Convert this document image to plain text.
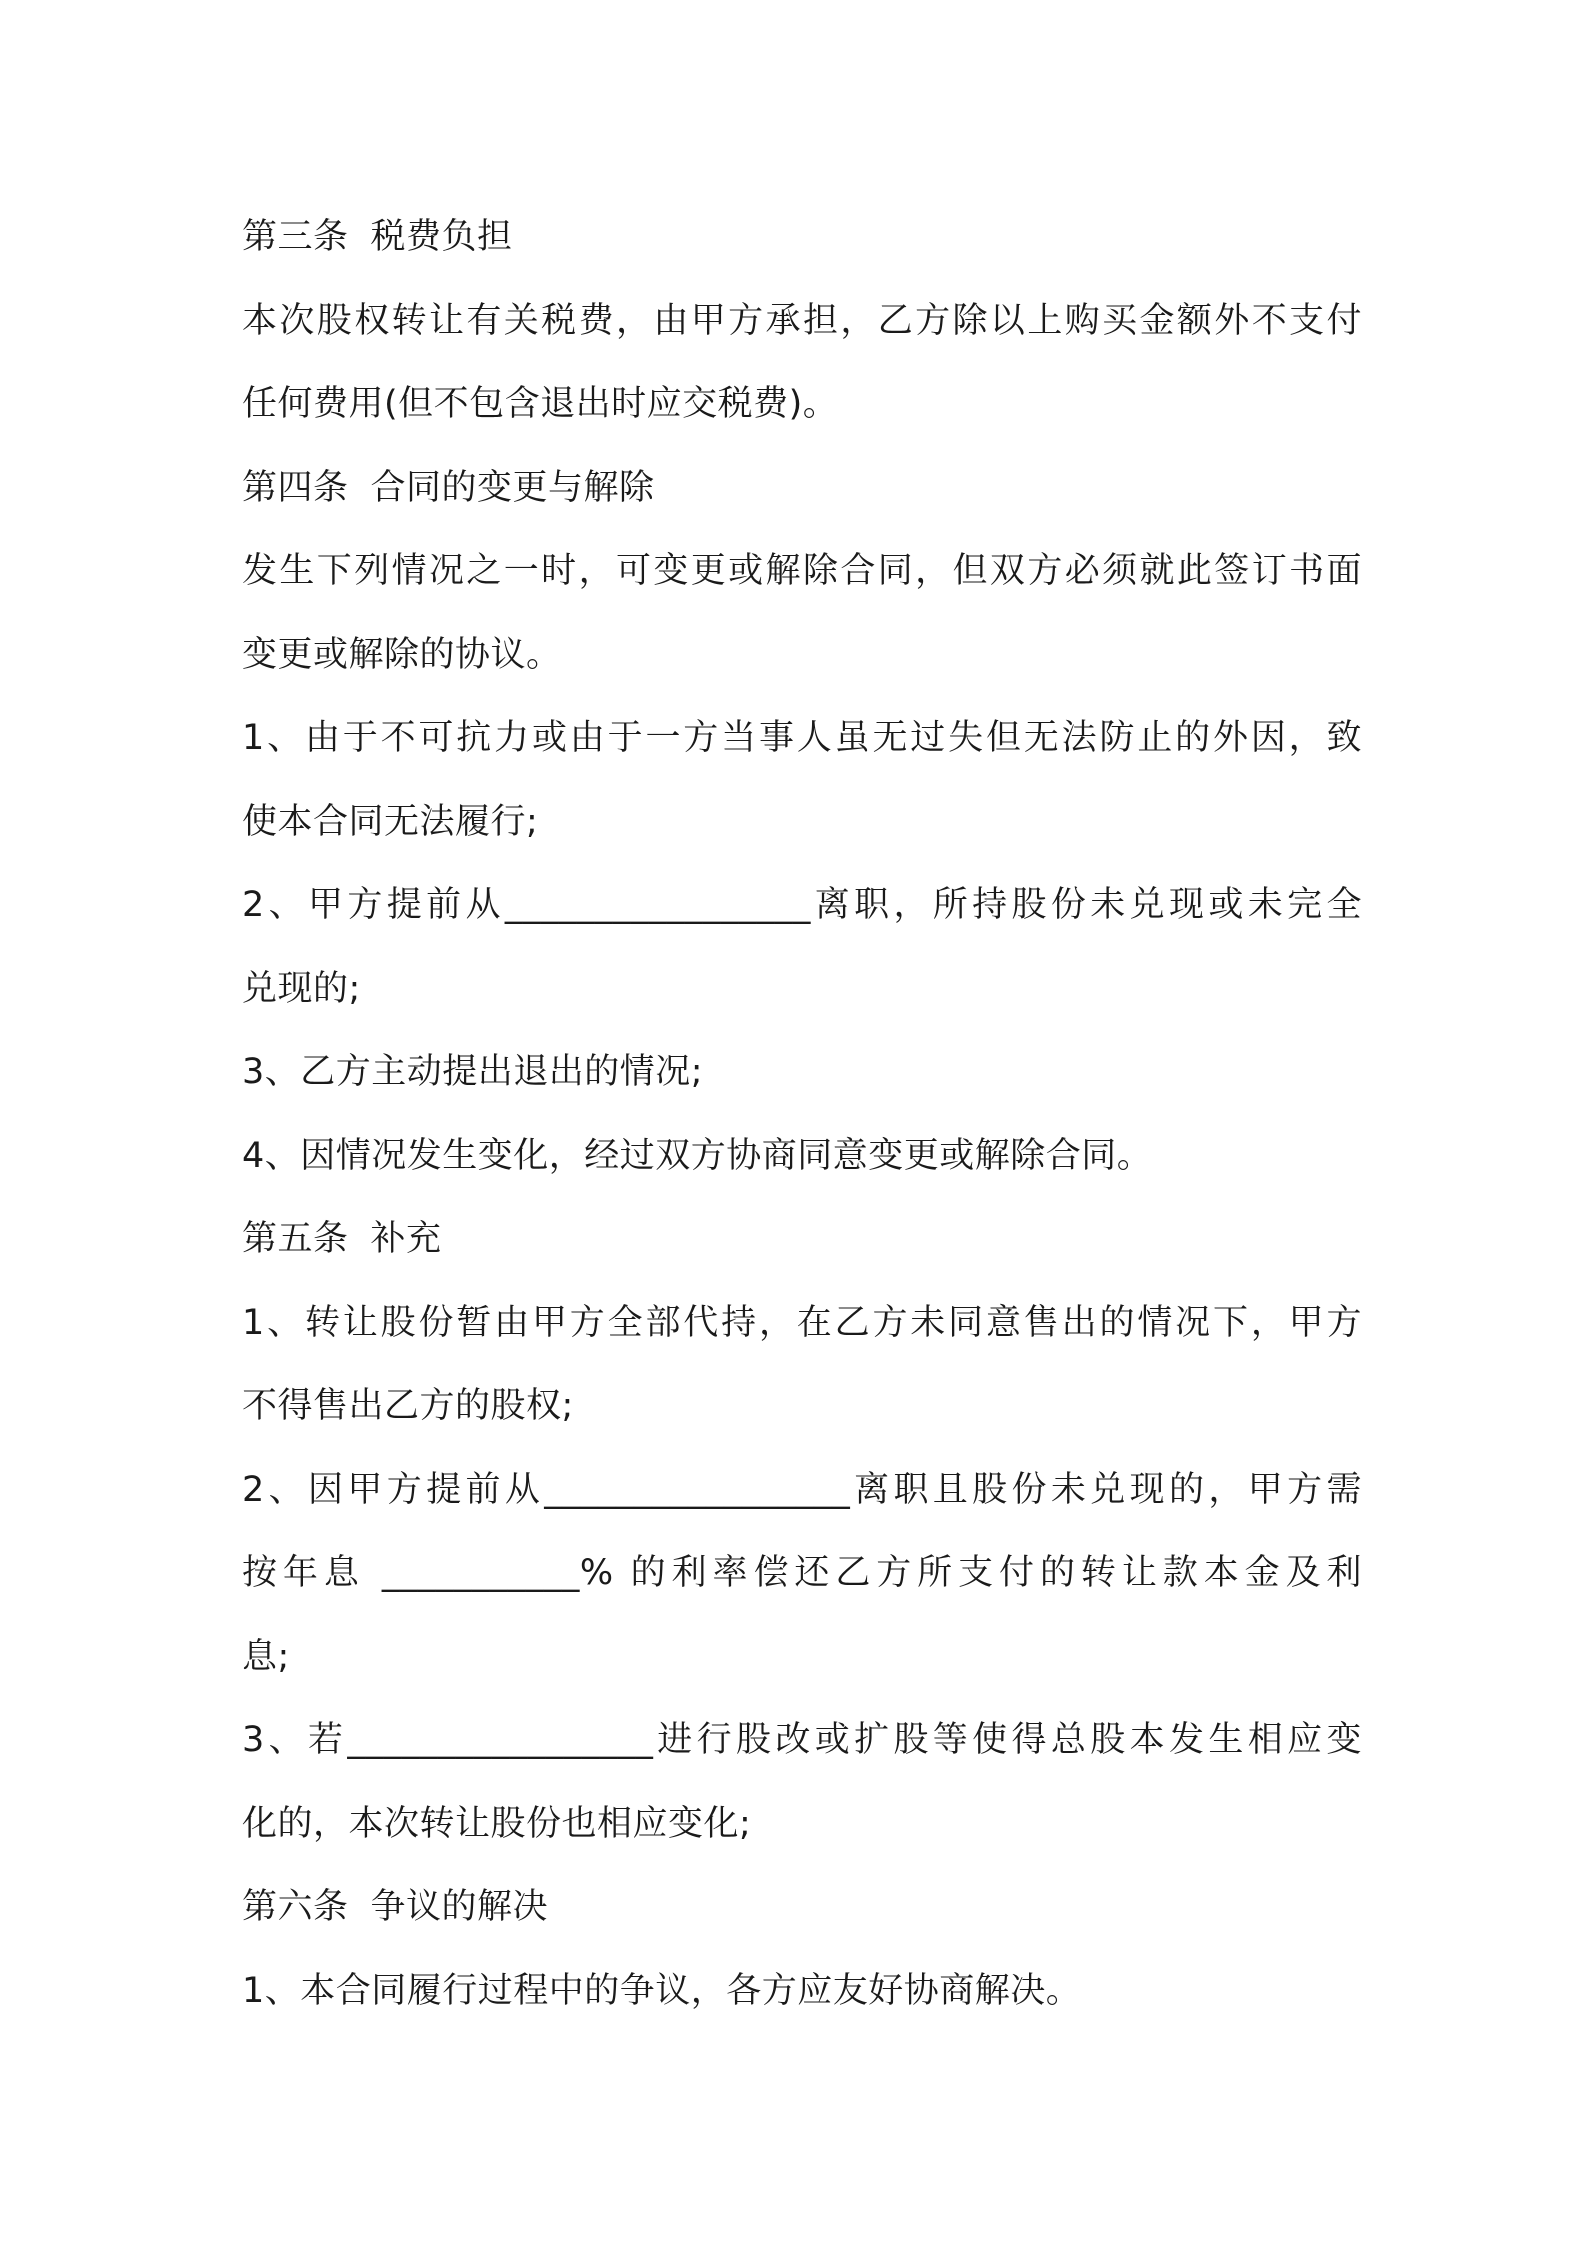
第三条 税费负担
本次股权转让有关税费，由甲方承担，乙方除以上购买金额外不支付
任何费用(但不包含退出时应交税费)。
第四条 合同的变更与解除
发生下列情况之一时，可变更或解除合同，但双方必须就此签订书面
变更或解除的协议。
1、由于不可抗力或由于一方当事人虽无过失但无法防止的外因，致
使本合同无法履行;
2、甲方提前从_________________离职，所持股份未兑现或未完全
兑现的;
3、乙方主动提出退出的情况;
4、因情况发生变化，经过双方协商同意变更或解除合同。
第五条 补充
1、转让股份暂由甲方全部代持，在乙方未同意售出的情况下，甲方
不得售出乙方的股权;
2、因甲方提前从_________________离职且股份未兑现的，甲方需
按年息 ___________% 的利率偿还乙方所支付的转让款本金及利
息;
3、若_________________进行股改或扩股等使得总股本发生相应变
化的，本次转让股份也相应变化;
第六条 争议的解决
1、本合同履行过程中的争议，各方应友好协商解决。
